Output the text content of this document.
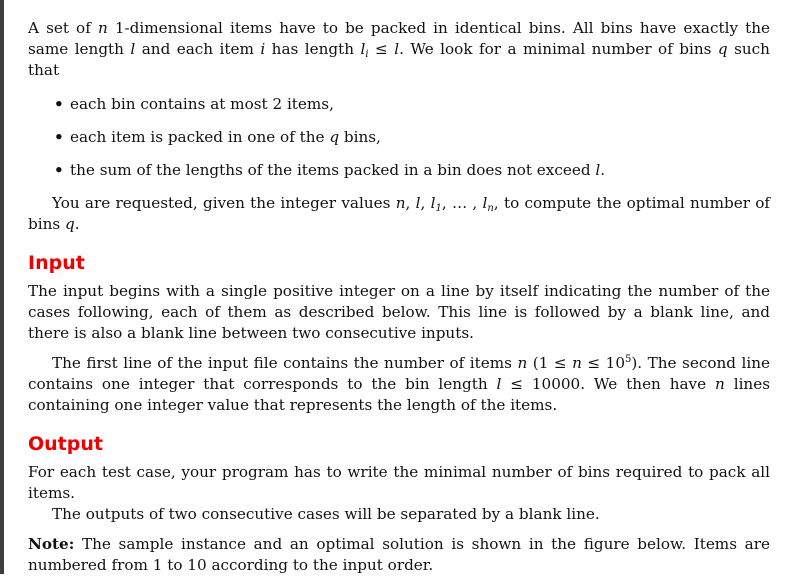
A set of n 1-dimensional items have to be packed in identical bins. All bins have exactly the same length l and each item i has length $l_i \le l$. We look for a minimal number of bins q such that

• each bin contains at most 2 items,
• each item is packed in one of the q bins,
• the sum of the lengths of the items packed in a bin does not exceed l.

You are requested, given the integer values n, l, $l_1$, … , $l_n$, to compute the optimal number of bins q.

Input

The input begins with a single positive integer on a line by itself indicating the number of the cases following, each of them as described below. This line is followed by a blank line, and there is also a blank line between two consecutive inputs.

The first line of the input file contains the number of items n $(1 \le n \le 10^5)$. The second line contains one integer that corresponds to the bin length l ≤ 10000. We then have n lines containing one integer value that represents the length of the items.

Output

For each test case, your program has to write the minimal number of bins required to pack all items.

The outputs of two consecutive cases will be separated by a blank line.

Note: The sample instance and an optimal solution is shown in the figure below. Items are numbered from 1 to 10 according to the input order.
